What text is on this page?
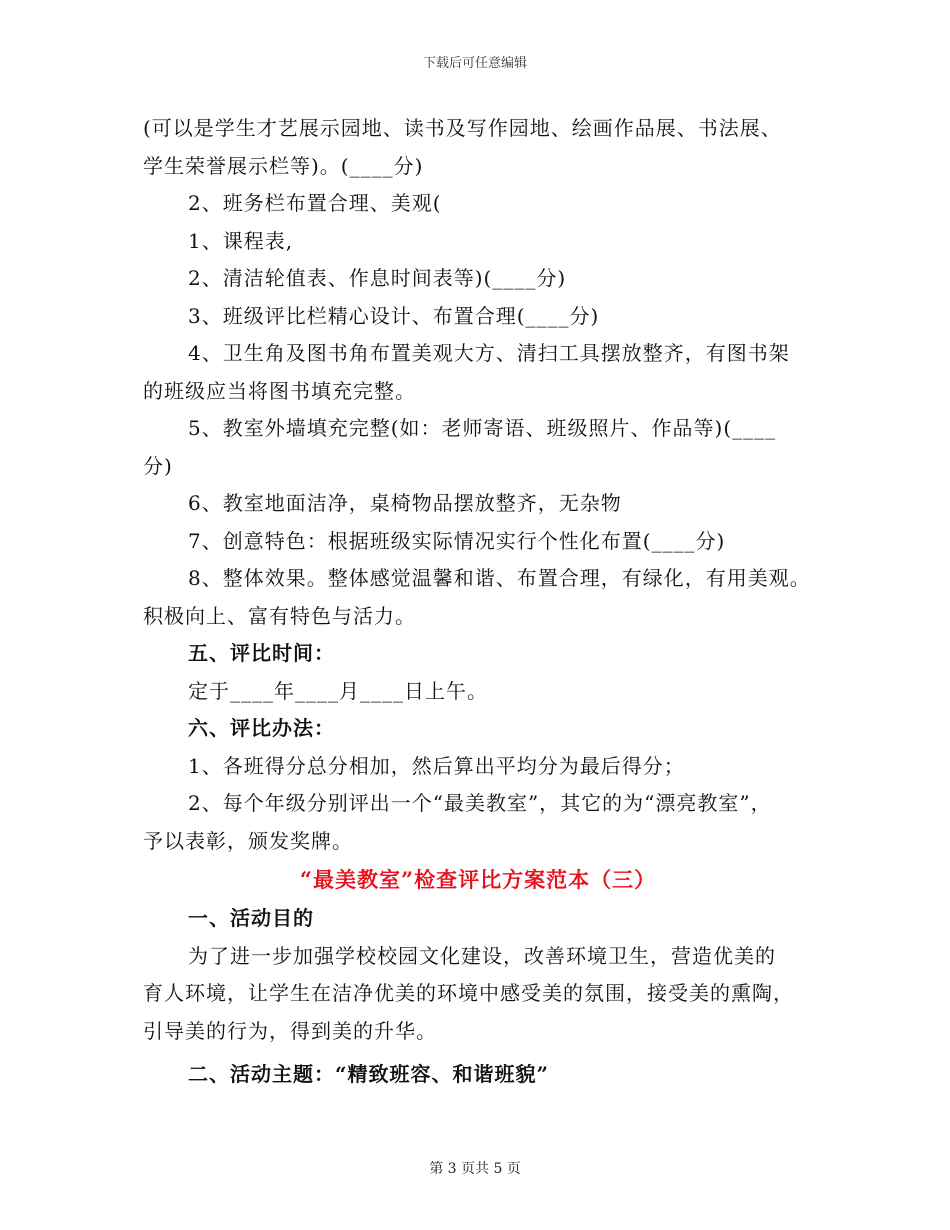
下载后可任意编辑
(可以是学生才艺展示园地、读书及写作园地、绘画作品展、书法展、
学生荣誉展示栏等)。(____分)
2、班务栏布置合理、美观(
1、课程表,
2、清洁轮值表、作息时间表等)(____分)
3、班级评比栏精心设计、布置合理(____分)
4、卫生角及图书角布置美观大方、清扫工具摆放整齐，有图书架
的班级应当将图书填充完整。
5、教室外墙填充完整(如：老师寄语、班级照片、作品等)(____
分)
6、教室地面洁净，桌椅物品摆放整齐，无杂物
7、创意特色：根据班级实际情况实行个性化布置(____分)
8、整体效果。整体感觉温馨和谐、布置合理，有绿化，有用美观。
积极向上、富有特色与活力。
五、评比时间：
定于____年____月____日上午。
六、评比办法：
1、各班得分总分相加，然后算出平均分为最后得分；
2、每个年级分别评出一个“最美教室”，其它的为“漂亮教室”，
予以表彰，颁发奖牌。
“最美教室”检查评比方案范本（三）
一、活动目的
为了进一步加强学校校园文化建设，改善环境卫生，营造优美的
育人环境，让学生在洁净优美的环境中感受美的氛围，接受美的熏陶，
引导美的行为，得到美的升华。
二、活动主题：“精致班容、和谐班貌”
第 3 页共 5 页
